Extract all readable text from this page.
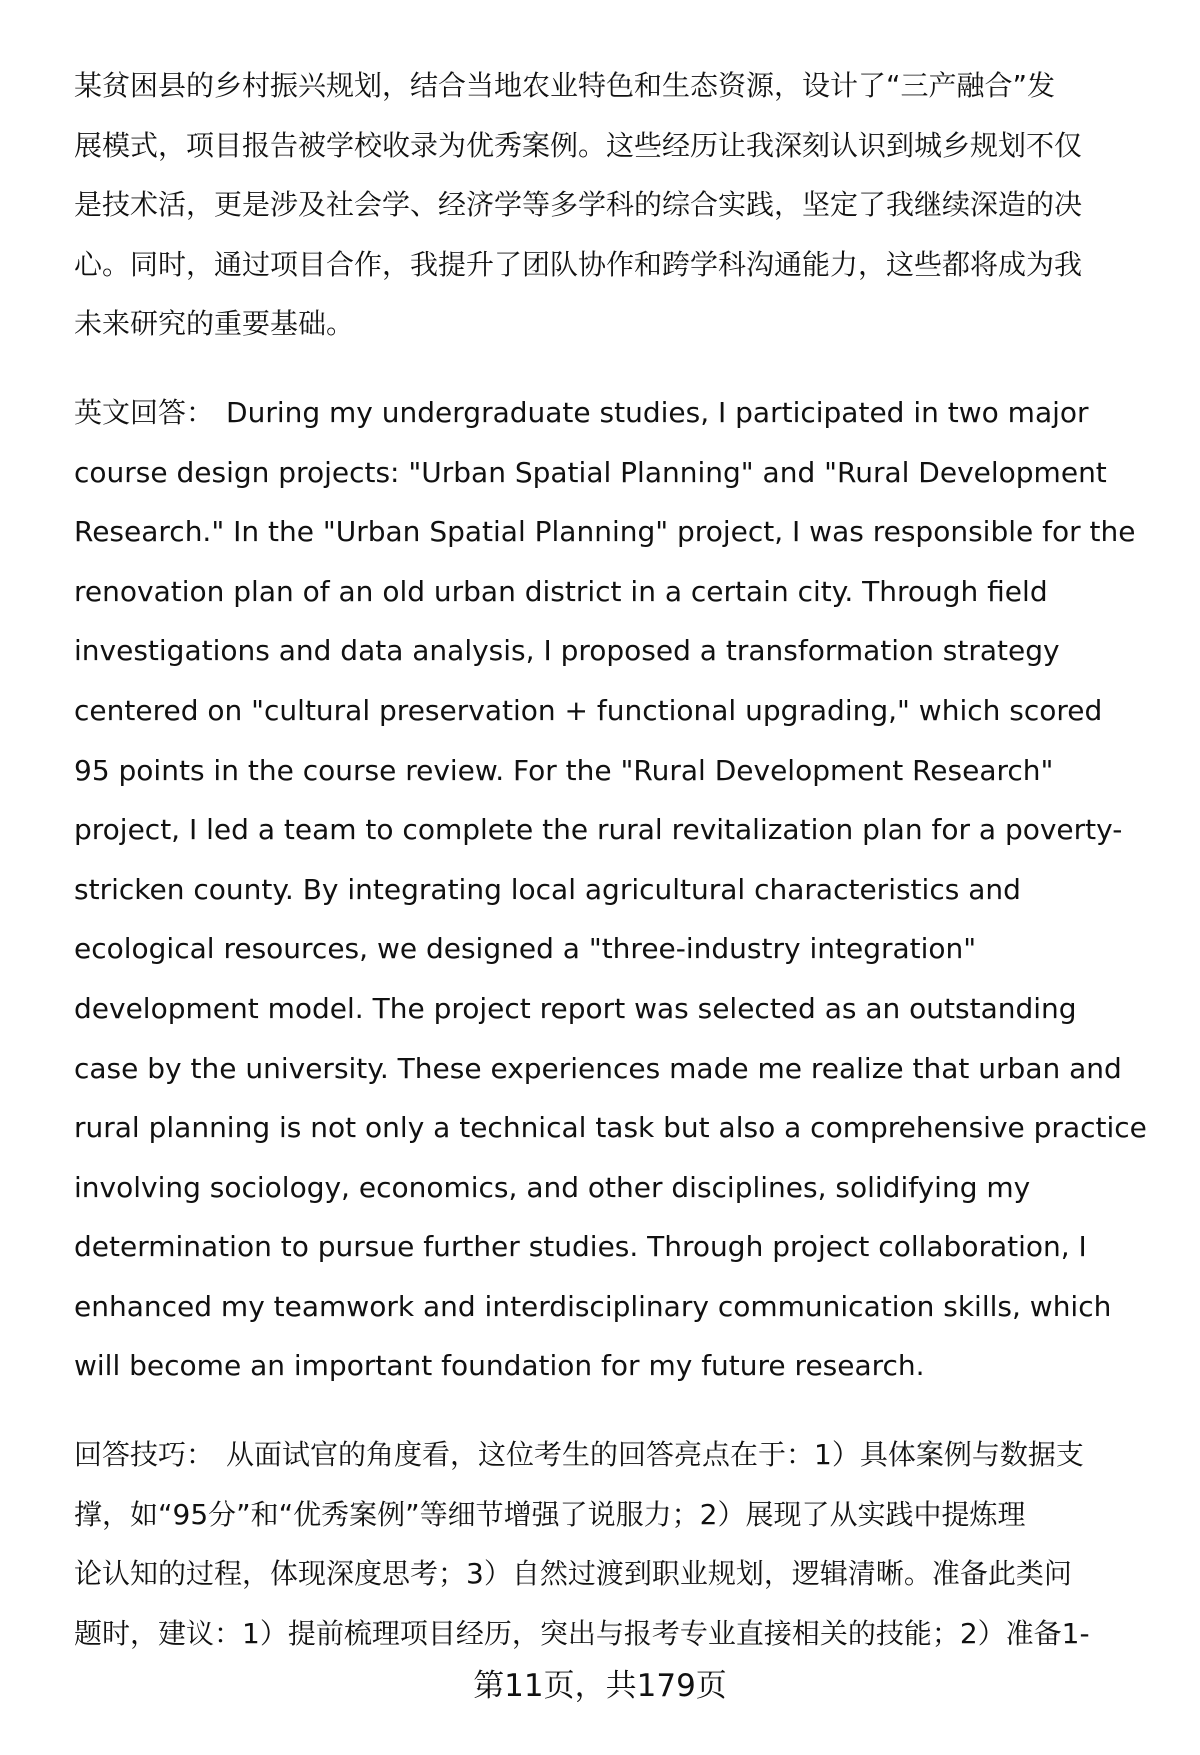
某贫困县的乡村振兴规划，结合当地农业特色和生态资源，设计了“三产融合”发
展模式，项目报告被学校收录为优秀案例。这些经历让我深刻认识到城乡规划不仅
是技术活，更是涉及社会学、经济学等多学科的综合实践，坚定了我继续深造的决
心。同时，通过项目合作，我提升了团队协作和跨学科沟通能力，这些都将成为我
未来研究的重要基础。

英文回答： During my undergraduate studies, I participated in two major
course design projects: "Urban Spatial Planning" and "Rural Development
Research." In the "Urban Spatial Planning" project, I was responsible for the
renovation plan of an old urban district in a certain city. Through field
investigations and data analysis, I proposed a transformation strategy
centered on "cultural preservation + functional upgrading," which scored
95 points in the course review. For the "Rural Development Research"
project, I led a team to complete the rural revitalization plan for a poverty-
stricken county. By integrating local agricultural characteristics and
ecological resources, we designed a "three-industry integration"
development model. The project report was selected as an outstanding
case by the university. These experiences made me realize that urban and
rural planning is not only a technical task but also a comprehensive practice
involving sociology, economics, and other disciplines, solidifying my
determination to pursue further studies. Through project collaboration, I
enhanced my teamwork and interdisciplinary communication skills, which
will become an important foundation for my future research.

回答技巧： 从面试官的角度看，这位考生的回答亮点在于：1）具体案例与数据支
撑，如“95分”和“优秀案例”等细节增强了说服力；2）展现了从实践中提炼理
论认知的过程，体现深度思考；3）自然过渡到职业规划，逻辑清晰。准备此类问
题时，建议：1）提前梳理项目经历，突出与报考专业直接相关的技能；2）准备1-

第11页，共179页
